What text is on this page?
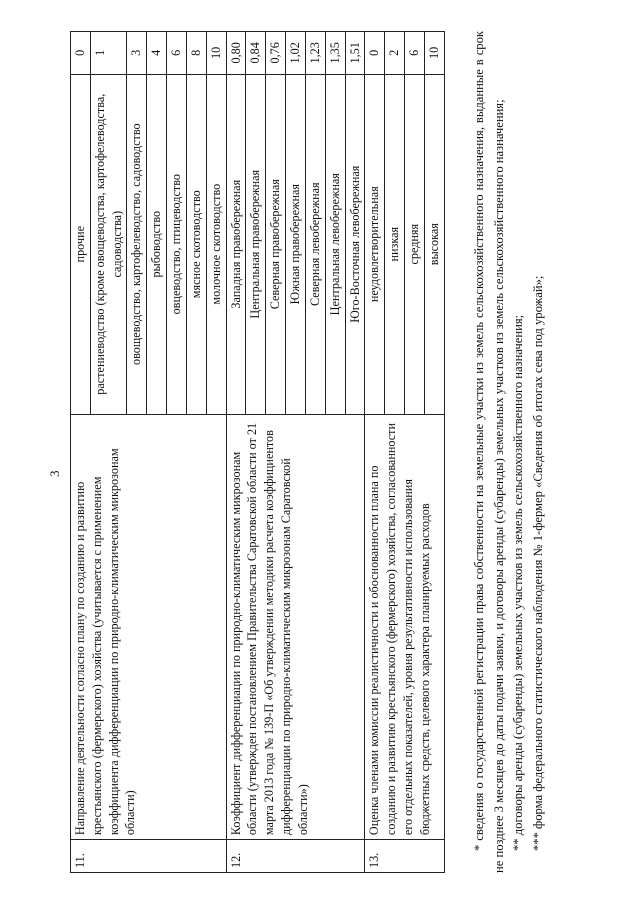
3
11.	Направление деятельности согласно плану по созданию и развитию крестьянского (фермерского) хозяйства (учитывается с применением коэффициента дифференциации по природно-климатическим микрозонам области)	прочие	0
		растениеводство (кроме овощеводства, картофелеводства, садоводства)	1
		овощеводство, картофелеводство, садоводство	3
		рыбоводство	4
		овцеводство, птицеводство	6
		мясное скотоводство	8
		молочное скотоводство	10
12.	Коэффициент дифференциации по природно-климатическим микрозонам области (утвержден постановлением Правительства Саратовской области от 21 марта 2013 года № 139-П «Об утверждении методики расчета коэффициентов дифференциации по природно-климатическим микрозонам Саратовской области»)	Западная правобережная	0,80
		Центральная правобережная	0,84
		Северная правобережная	0,76
		Южная правобережная	1,02
		Северная левобережная	1,23
		Центральная левобережная	1,35
		Юго-Восточная левобережная	1,51
13.	Оценка членами комиссии реалистичности и обоснованности плана по созданию и развитию крестьянского (фермерского) хозяйства, согласованности его отдельных показателей, уровня результативности использования бюджетных средств, целевого характера планируемых расходов	неудовлетворительная	0
		низкая	2
		средняя	6
		высокая	10 * сведения о государственной регистрации права собственности на земельные участки из земель сельскохозяйственного назначения, выданные в срок не позднее 3 месяцев до даты подачи заявки, и договоры аренды (субаренды) земельных участков из земель сельскохозяйственного назначения; ** договоры аренды (субаренды) земельных участков из земель сельскохозяйственного назначения; *** форма федерального статистического наблюдения № 1-фермер «Сведения об итогах сева под урожай»;
